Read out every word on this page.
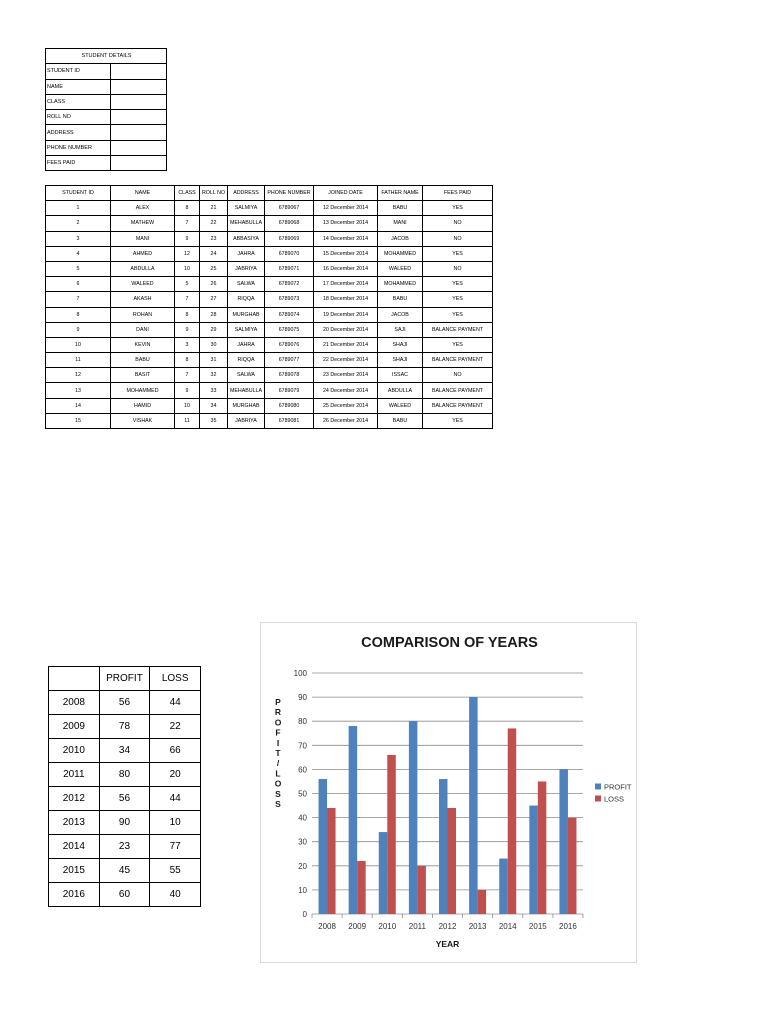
STUDENT DETAILS	
STUDENT ID	
NAME	
CLASS	
ROLL NO	
ADDRESS	
PHONE NUMBER	
FEES PAID	
STUDENT ID	NAME	CLASS	ROLL NO	ADDRESS	PHONE NUMBER	JOINED DATE	FATHER NAME	FEES PAID
1	ALEX	8	21	SALMIYA	6789067	12 December 2014	BABU	YES
2	MATHEW	7	22	MEHABULLA	6789068	13 December 2014	MANI	NO
3	MANI	9	23	ABBASIYA	6789069	14 December 2014	JACOB	NO
4	AHMED	12	24	JAHRA	6789070	15 December 2014	MOHAMMED	YES
5	ABDULLA	10	25	JABRIYA	6789071	16 December 2014	WALEED	NO
6	WALEED	5	26	SALWA	6789072	17 December 2014	MOHAMMED	YES
7	AKASH	7	27	RIQQA	6789073	18 December 2014	BABU	YES
8	ROHAN	8	28	MURGHAB	6789074	19 December 2014	JACOB	YES
9	DANI	9	29	SALMIYA	6789075	20 December 2014	SAJI	BALANCE PAYMENT
10	KEVIN	3	30	JAHRA	6789076	21 December 2014	SHAJI	YES
11	BABU	8	31	RIQQA	6789077	22 December 2014	SHAJI	BALANCE PAYMENT
12	BASIT	7	32	SALWA	6789078	23 December 2014	ISSAC	NO
13	MOHAMMED	9	33	MEHABULLA	6789079	24 December 2014	ABDULLA	BALANCE PAYMENT
14	HAMID	10	34	MURGHAB	6789080	25 December 2014	WALEED	BALANCE PAYMENT
15	VISHAK	11	35	JABRIYA	6789081	26 December 2014	BABU	YES
	PROFIT	LOSS
2008	56	44
2009	78	22
2010	34	66
2011	80	20
2012	56	44
2013	90	10
2014	23	77
2015	45	55
2016	60	40
COMPARISON OF YEARS
0
10
20
30
40
50
60
70
80
90
100
2008 2009 2010 2011 2012 2013 2014 2015 2016
YEAR
P R O F I T / L O S S
PROFIT
LOSS
